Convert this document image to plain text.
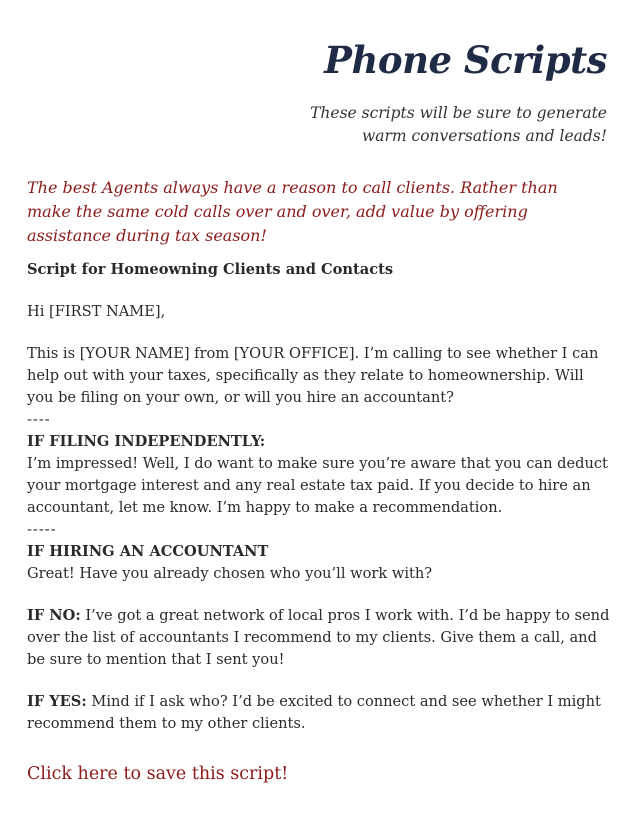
Phone Scripts
These scripts will be sure to generate
warm conversations and leads!
The best Agents always have a reason to call clients. Rather than make the same cold calls over and over, add value by offering assistance during tax season!

Script for Homeowning Clients and Contacts

Hi [FIRST NAME],

This is [YOUR NAME] from [YOUR OFFICE]. I’m calling to see whether I can help out with your taxes, specifically as they relate to homeownership. Will you be filing on your own, or will you hire an accountant?

----

IF FILING INDEPENDENTLY:

I’m impressed! Well, I do want to make sure you’re aware that you can deduct your mortgage interest and any real estate tax paid. If you decide to hire an accountant, let me know. I’m happy to make a recommendation.

-----

IF HIRING AN ACCOUNTANT

Great! Have you already chosen who you’ll work with?

IF NO: I’ve got a great network of local pros I work with. I’d be happy to send over the list of accountants I recommend to my clients. Give them a call, and be sure to mention that I sent you!

IF YES: Mind if I ask who? I’d be excited to connect and see whether I might recommend them to my other clients.

Click here to save this script!
